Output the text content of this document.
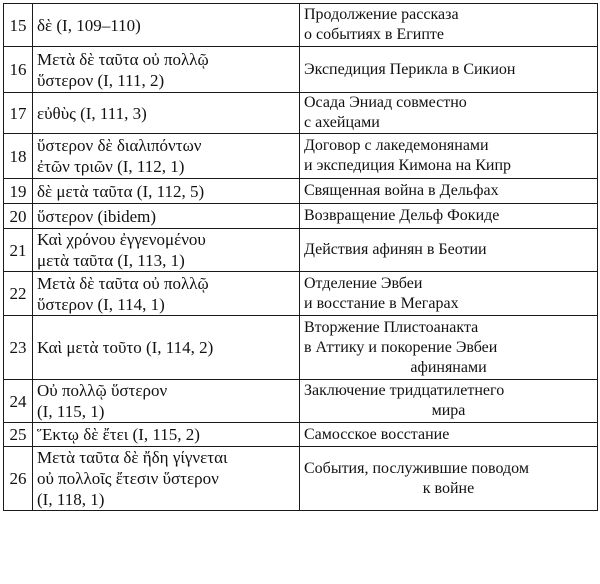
15	δὲ (I, 109–110)	Продолжение рассказа
о событиях в Египте

16	Μετὰ δὲ ταῦτα οὐ πολλῷ
ὕστερον (I, 111, 2)	Экспедиция Перикла в Сикион

17	εὐθὺς (I, 111, 3)	Осада Эниад совместно
с ахейцами

18	ὕστερον δὲ διαλιπόντων
ἐτῶν τριῶν (I, 112, 1)	Договор с лакедемонянами
и экспедиция Кимона на Кипр

19	δὲ μετὰ ταῦτα (I, 112, 5)	Священная война в Дельфах

20	ὕστερον (ibidem)	Возвращение Дельф Фокиде

21	Καὶ χρόνου ἐγγενομένου
μετὰ ταῦτα (I, 113, 1)	Действия афинян в Беотии

22	Μετὰ δὲ ταῦτα οὐ πολλῷ
ὕστερον (I, 114, 1)	Отделение Эвбеи
и восстание в Мегарах

23	Καὶ μετὰ τοῦτο (I, 114, 2)	Вторжение Плистоанакта
в Аттику и покорение Эвбеи
афинянами

24	Οὐ πολλῷ ὕστερον
(I, 115, 1)	Заключение тридцатилетнего
мира

25	Ἕκτῳ δὲ ἔτει (I, 115, 2)	Самосское восстание

26	Μετὰ ταῦτα δὲ ἤδη γίγνεται
οὐ πολλοῖς ἔτεσιν ὕστερον
(I, 118, 1)	События, послужившие поводом
к войне
